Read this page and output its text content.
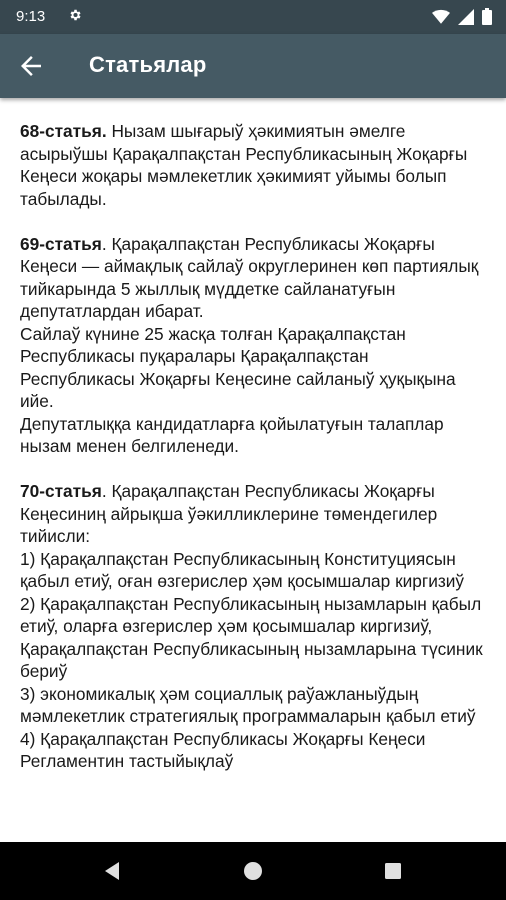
9:13
Статьялар

68-статья. Нызам шығарыў ҳәкимиятын әмелге асырыўшы Қарақалпақстан Республикасының Жоқарғы Кеңеси жоқары мәмлекетлик ҳәкимият уйымы болып табылады.

69-статья. Қарақалпақстан Республикасы Жоқарғы Кеңеси — аймақлық сайлаў округлеринен көп партиялық тийкарында 5 жыллық мүддетке сайланатуғын депутатлардан ибарат.

Сайлаў күнине 25 жасқа толған Қарақалпақстан Республикасы пуқаралары Қарақалпақстан Республикасы Жоқарғы Кеңесине сайланыў ҳуқықына ийе.

Депутатлыққа кандидатларға қойылатуғын талаплар нызам менен белгиленеди.

70-статья. Қарақалпақстан Республикасы Жоқарғы Кеңесиниң айрықша ўәкилликлерине төмендегилер тийисли:

1) Қарақалпақстан Республикасының Конституциясын қабыл етиў, оған өзгерислер ҳәм қосымшалар киргизиў

2) Қарақалпақстан Республикасының нызамларын қабыл етиў, оларға өзгерислер ҳәм қосымшалар киргизиў, Қарақалпақстан Республикасының нызамларына түсиник бериў

3) экономикалық ҳәм социаллық раўажланыўдың мәмлекетлик стратегиялық программаларын қабыл етиў

4) Қарақалпақстан Республикасы Жоқарғы Кеңеси Регламентин тастыйықлаў
